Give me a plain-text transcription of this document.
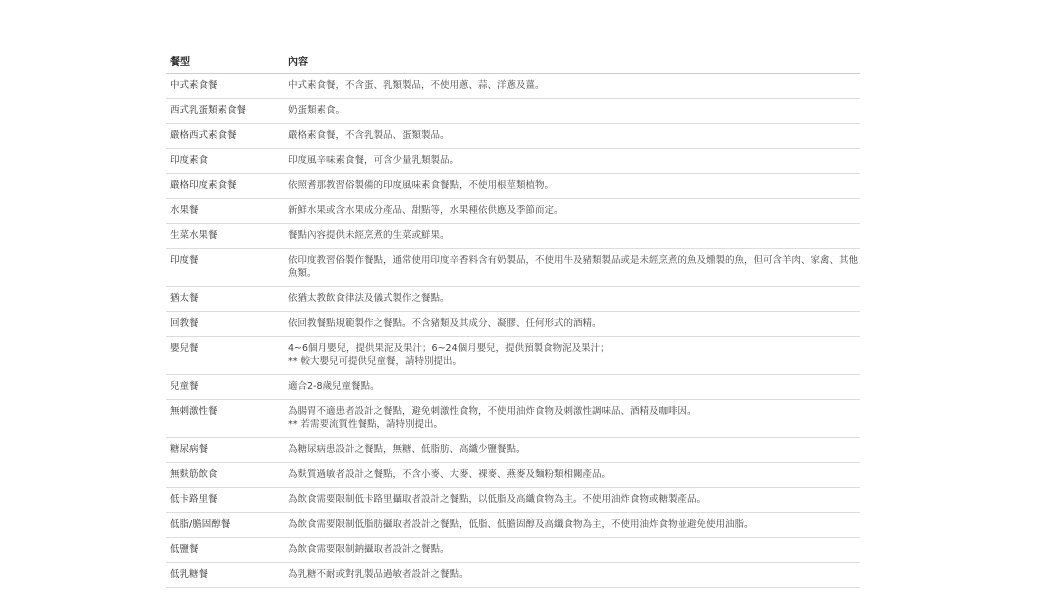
餐型	內容
中式素食餐	中式素食餐，不含蛋、乳類製品，不使用蔥、蒜、洋蔥及薑。
西式乳蛋類素食餐	奶蛋類素食。
嚴格西式素食餐	嚴格素食餐，不含乳製品、蛋類製品。
印度素食	印度風辛味素食餐，可含少量乳類製品。
嚴格印度素食餐	依照耆那教習俗製備的印度風味素食餐點，不使用根莖類植物。
水果餐	新鮮水果或含水果成分產品、甜點等，水果種依供應及季節而定。
生菜水果餐	餐點內容提供未經烹煮的生菜或鮮果。
印度餐	依印度教習俗製作餐點，通常使用印度辛香料含有奶製品，不使用牛及豬類製品或是未經烹煮的魚及燻製的魚，但可含羊肉、家禽、其他魚類。
猶太餐	依猶太教飲食律法及儀式製作之餐點。
回教餐	依回教餐點規範製作之餐點。不含豬類及其成分、凝膠、任何形式的酒精。
嬰兒餐	4~6個月嬰兒，提供果泥及果汁；6~24個月嬰兒，提供預製食物泥及果汁；
** 較大嬰兒可提供兒童餐，請特別提出。
兒童餐	適合2-8歲兒童餐點。
無刺激性餐	為腸胃不適患者設計之餐點，避免刺激性食物，不使用油炸食物及刺激性調味品、酒精及咖啡因。
** 若需要流質性餐點，請特別提出。
糖尿病餐	為糖尿病患設計之餐點，無糖、低脂肪、高纖少鹽餐點。
無麩筋飲食	為麩質過敏者設計之餐點，不含小麥、大麥、裸麥、燕麥及麵粉類相關產品。
低卡路里餐	為飲食需要限制低卡路里攝取者設計之餐點，以低脂及高纖食物為主。不使用油炸食物或糖製產品。
低脂/膽固醇餐	為飲食需要限制低脂肪攝取者設計之餐點，低脂、低膽固醇及高纖食物為主，不使用油炸食物並避免使用油脂。
低鹽餐	為飲食需要限制鈉攝取者設計之餐點。
低乳糖餐	為乳糖不耐或對乳製品過敏者設計之餐點。
